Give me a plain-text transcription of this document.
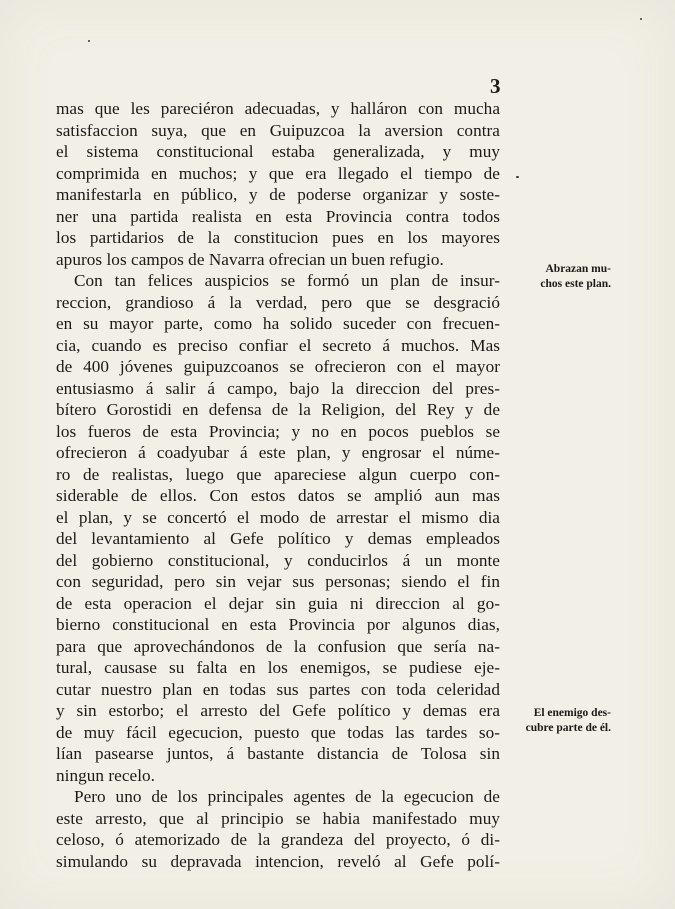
3
mas que les pareciéron adecuadas, y halláron con mucha
satisfaccion suya, que en Guipuzcoa la aversion contra
el sistema constitucional estaba generalizada, y muy
comprimida en muchos; y que era llegado el tiempo de
manifestarla en público, y de poderse organizar y soste-
ner una partida realista en esta Provincia contra todos
los partidarios de la constitucion pues en los mayores
apuros los campos de Navarra ofrecian un buen refugio.
Con tan felices auspicios se formó un plan de insur-
reccion, grandioso á la verdad, pero que se desgració
en su mayor parte, como ha solido suceder con frecuen-
cia, cuando es preciso confiar el secreto á muchos. Mas
de 400 jóvenes guipuzcoanos se ofrecieron con el mayor
entusiasmo á salir á campo, bajo la direccion del pres-
bítero Gorostidi en defensa de la Religion, del Rey y de
los fueros de esta Provincia; y no en pocos pueblos se
ofrecieron á coadyubar á este plan, y engrosar el núme-
ro de realistas, luego que apareciese algun cuerpo con-
siderable de ellos. Con estos datos se amplió aun mas
el plan, y se concertó el modo de arrestar el mismo dia
del levantamiento al Gefe político y demas empleados
del gobierno constitucional, y conducirlos á un monte
con seguridad, pero sin vejar sus personas; siendo el fin
de esta operacion el dejar sin guia ni direccion al go-
bierno constitucional en esta Provincia por algunos dias,
para que aprovechándonos de la confusion que sería na-
tural, causase su falta en los enemigos, se pudiese eje-
cutar nuestro plan en todas sus partes con toda celeridad
y sin estorbo; el arresto del Gefe político y demas era
de muy fácil egecucion, puesto que todas las tardes so-
lían pasearse juntos, á bastante distancia de Tolosa sin
ningun recelo.
Pero uno de los principales agentes de la egecucion de
este arresto, que al principio se habia manifestado muy
celoso, ó atemorizado de la grandeza del proyecto, ó di-
simulando su depravada intencion, reveló al Gefe polí-
Abrazan mu-
chos este plan.
El enemigo des-
cubre parte de él.
